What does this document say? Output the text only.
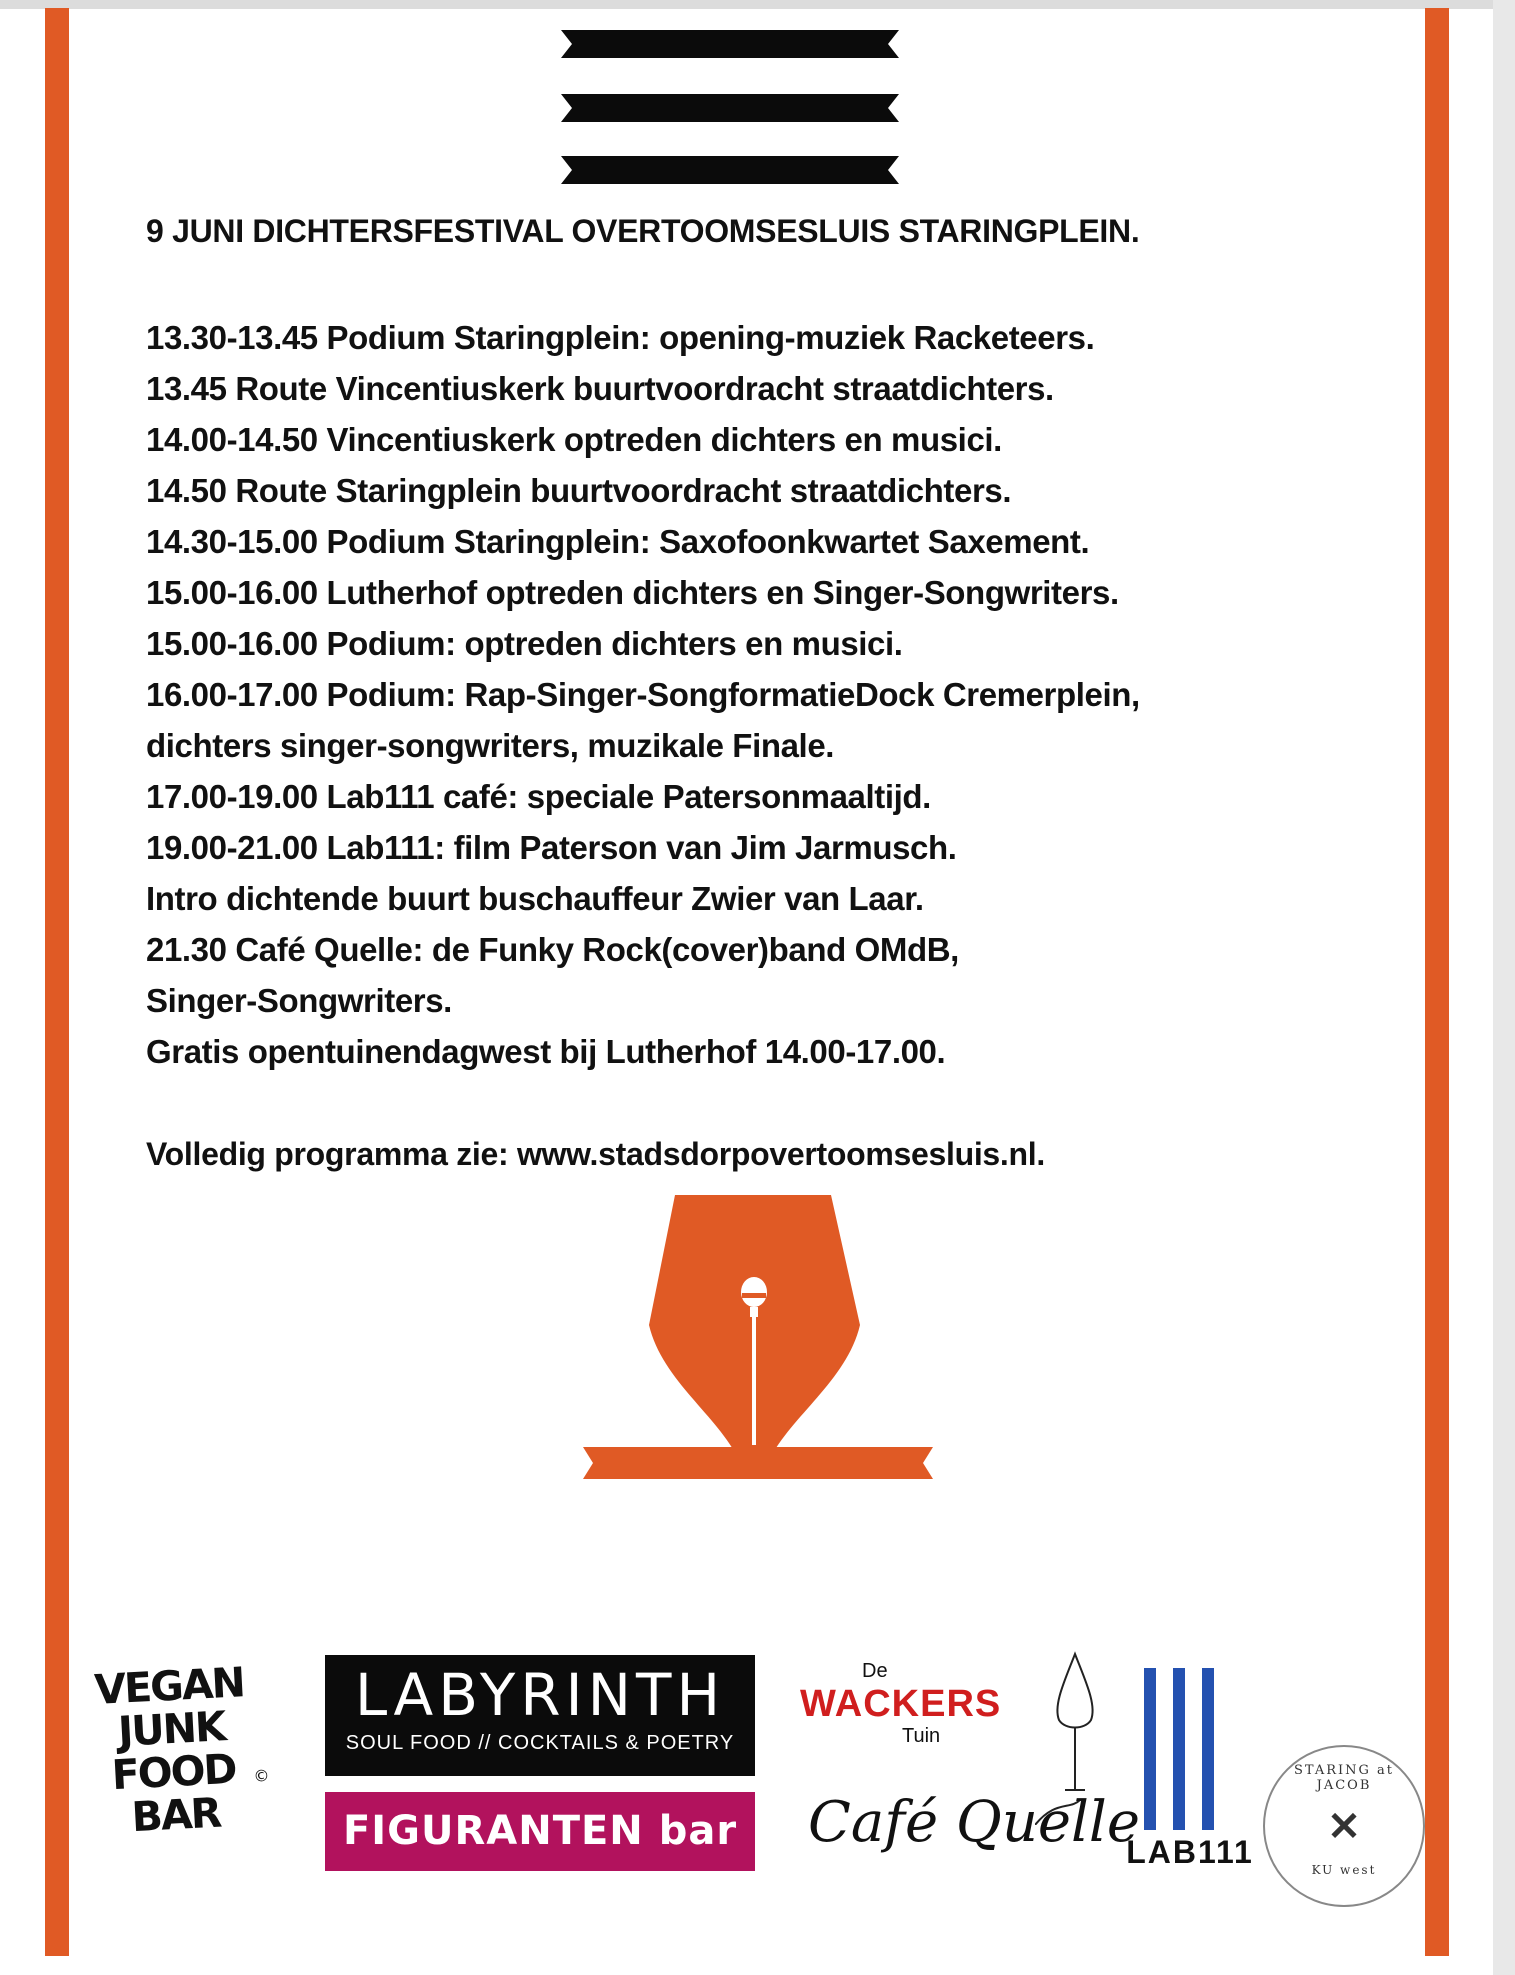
9 JUNI DICHTERSFESTIVAL OVERTOOMSESLUIS STARINGPLEIN.
13.30-13.45 Podium Staringplein: opening-muziek Racketeers.
13.45 Route Vincentiuskerk buurtvoordracht straatdichters.
14.00-14.50 Vincentiuskerk optreden dichters en musici.
14.50 Route Staringplein buurtvoordracht straatdichters.
14.30-15.00 Podium Staringplein: Saxofoonkwartet Saxement.
15.00-16.00 Lutherhof optreden dichters en Singer-Songwriters.
15.00-16.00 Podium: optreden dichters en musici.
16.00-17.00 Podium: Rap-Singer-SongformatieDock Cremerplein,
dichters singer-songwriters, muzikale Finale.
17.00-19.00 Lab111 café: speciale Patersonmaaltijd.
19.00-21.00 Lab111: film Paterson van Jim Jarmusch.
Intro dichtende buurt buschauffeur Zwier van Laar.
21.30 Café Quelle: de Funky Rock(cover)band OMdB,
Singer-Songwriters.
Gratis opentuinendagwest bij Lutherhof 14.00-17.00.
Volledig programma zie: www.stadsdorpovertoomsesluis.nl.
VEGAN
JUNK
FOOD
BAR
©
LABYRINTH
SOUL FOOD // COCKTAILS & POETRY
FIGURANTEN bar
De
WACKERS
Tuin
Café Quelle
LAB111
STARING at JACOB
✕
KU west
